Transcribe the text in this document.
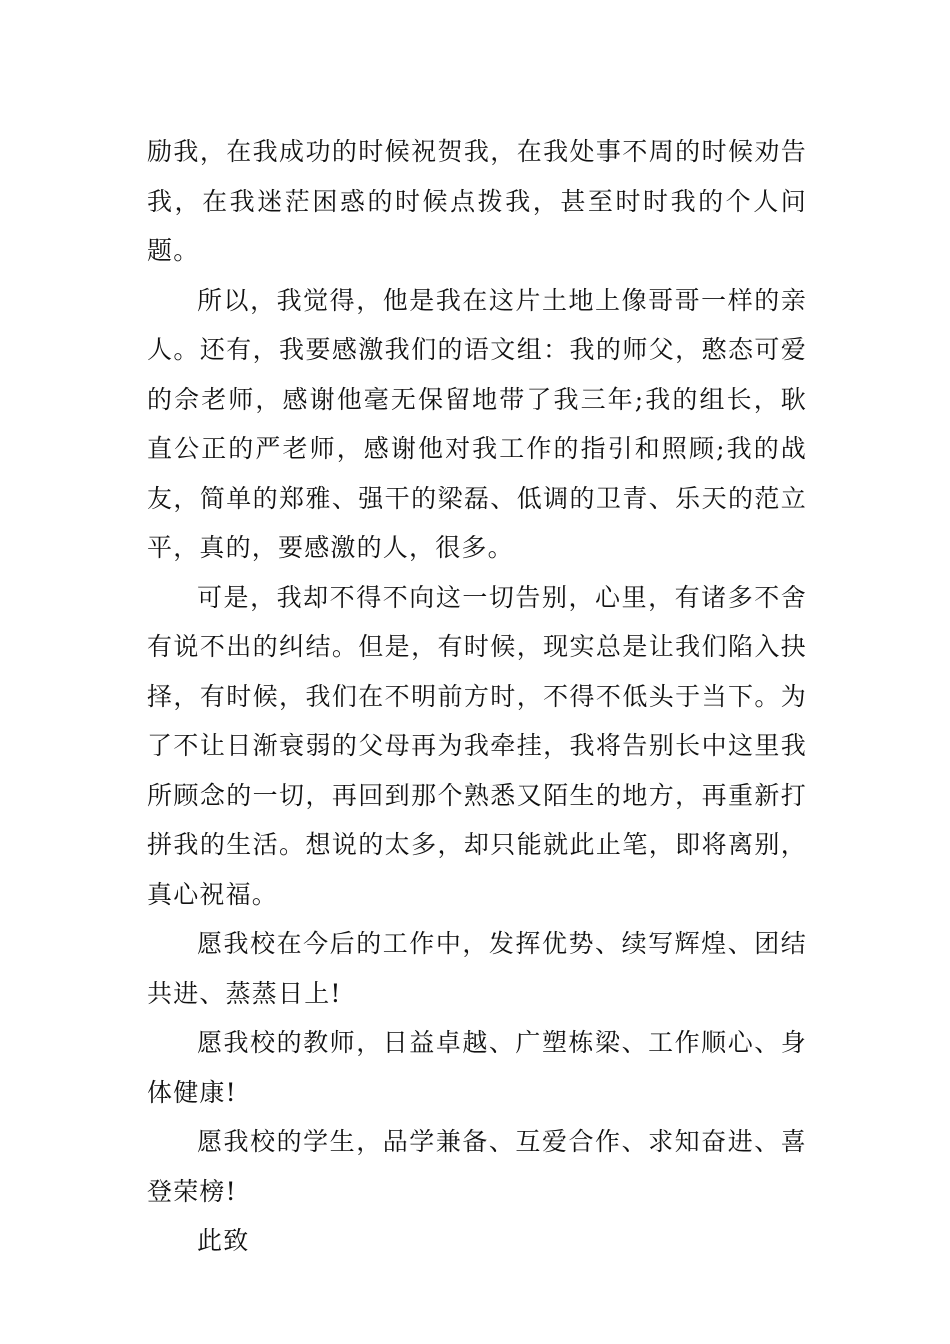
励我，在我成功的时候祝贺我，在我处事不周的时候劝告我，在我迷茫困惑的时候点拨我，甚至时时我的个人问题。

所以，我觉得，他是我在这片土地上像哥哥一样的亲人。还有，我要感激我们的语文组：我的师父，憨态可爱的佘老师，感谢他毫无保留地带了我三年;我的组长，耿直公正的严老师，感谢他对我工作的指引和照顾;我的战友，简单的郑雅、强干的梁磊、低调的卫青、乐天的范立平，真的，要感激的人，很多。

可是，我却不得不向这一切告别，心里，有诸多不舍有说不出的纠结。但是，有时候，现实总是让我们陷入抉择，有时候，我们在不明前方时，不得不低头于当下。为了不让日渐衰弱的父母再为我牵挂，我将告别长中这里我所顾念的一切，再回到那个熟悉又陌生的地方，再重新打拼我的生活。想说的太多，却只能就此止笔，即将离别，真心祝福。

愿我校在今后的工作中，发挥优势、续写辉煌、团结共进、蒸蒸日上!

愿我校的教师，日益卓越、广塑栋梁、工作顺心、身体健康!

愿我校的学生，品学兼备、互爱合作、求知奋进、喜登荣榜!

此致
